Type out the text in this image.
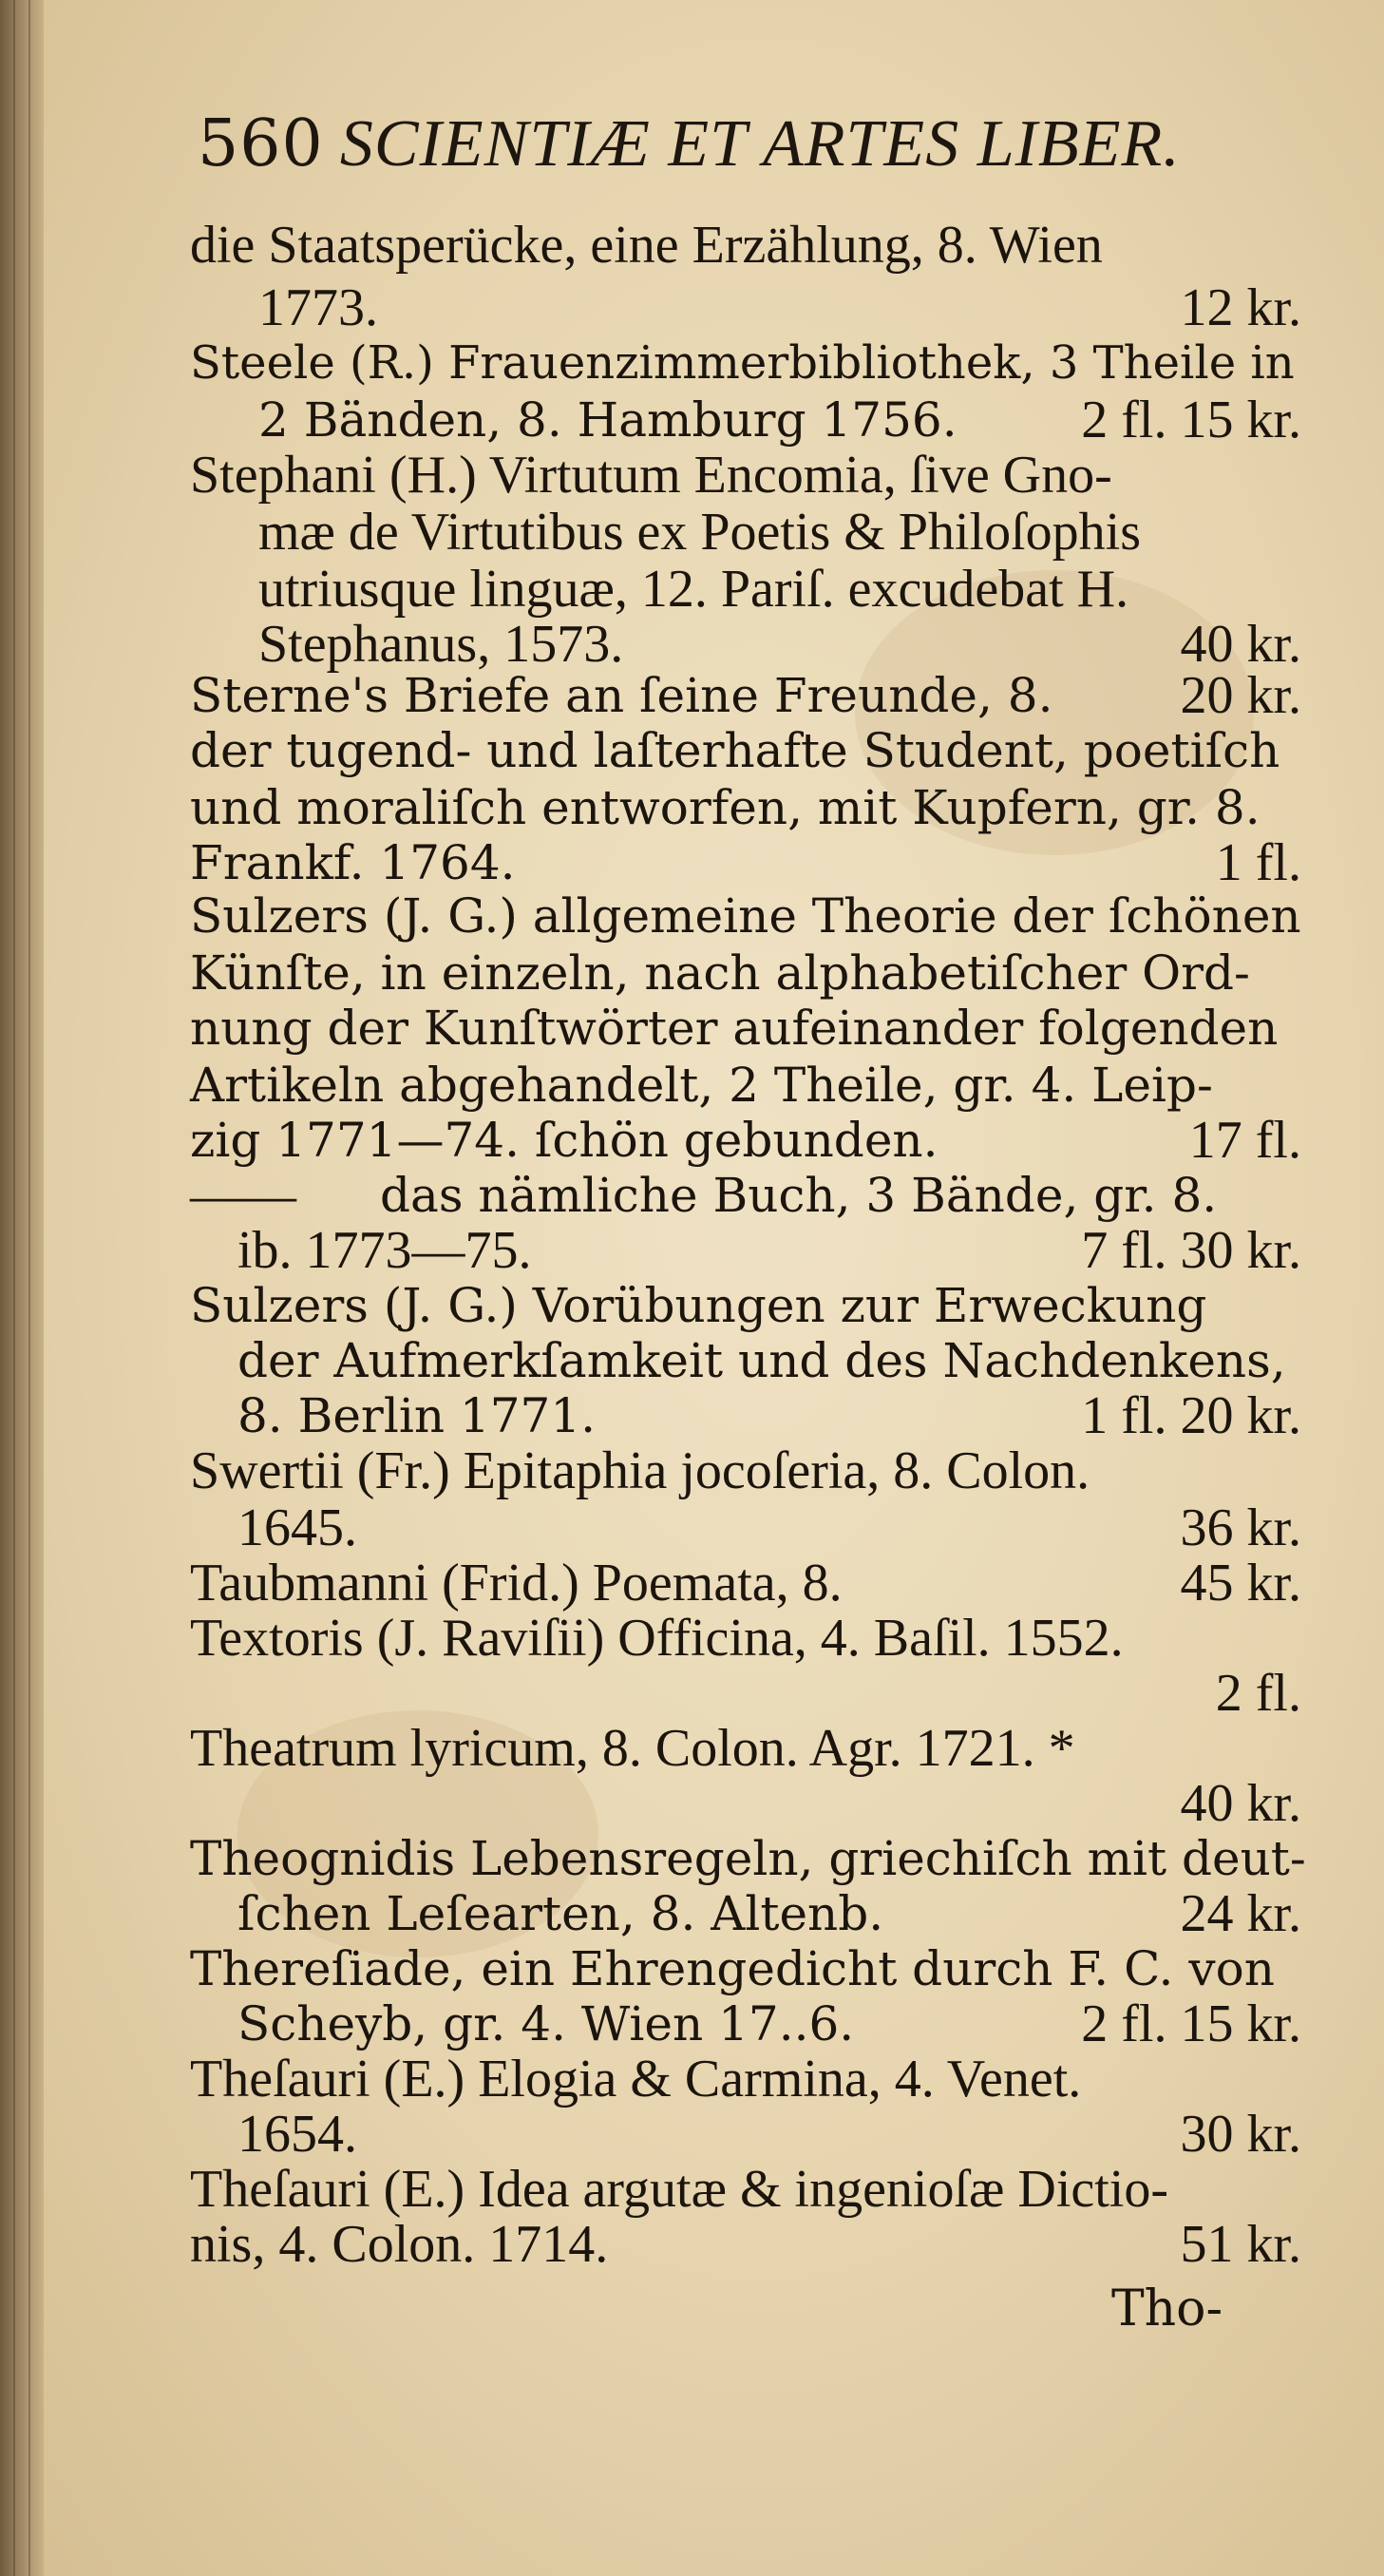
560 SCIENTIÆ ET ARTES LIBER.
die Staatsperücke, eine Erzählung, 8. Wien
1773.	12 kr.
Steele (R.) Frauenzimmerbibliothek, 3 Theile in
2 Bänden, 8. Hamburg 1756.	2 fl. 15 kr.
Stephani (H.) Virtutum Encomia, ſive Gno-
mæ de Virtutibus ex Poetis & Philoſophis
utriusque linguæ, 12. Pariſ. excudebat H.
Stephanus, 1573.	40 kr.
Sterne's Briefe an ſeine Freunde, 8.	20 kr.
der tugend- und laſterhafte Student, poetiſch
und moraliſch entworfen, mit Kupfern, gr. 8.
Frankf. 1764.	1 fl.
Sulzers (J. G.) allgemeine Theorie der ſchönen
Künſte, in einzeln, nach alphabetiſcher Ord-
nung der Kunſtwörter aufeinander folgenden
Artikeln abgehandelt, 2 Theile, gr. 4. Leip-
zig 1771—74. ſchön gebunden.	17 fl.
—— das nämliche Buch, 3 Bände, gr. 8.
ib. 1773—75.	7 fl. 30 kr.
Sulzers (J. G.) Vorübungen zur Erweckung
der Aufmerkſamkeit und des Nachdenkens,
8. Berlin 1771.	1 fl. 20 kr.
Swertii (Fr.) Epitaphia jocoſeria, 8. Colon.
1645.	36 kr.
Taubmanni (Frid.) Poemata, 8.	45 kr.
Textoris (J. Raviſii) Officina, 4. Baſil. 1552.
2 fl.
Theatrum lyricum, 8. Colon. Agr. 1721. *
40 kr.
Theognidis Lebensregeln, griechiſch mit deut-
ſchen Leſearten, 8. Altenb.	24 kr.
Thereſiade, ein Ehrengedicht durch F. C. von
Scheyb, gr. 4. Wien 17..6.	2 fl. 15 kr.
Theſauri (E.) Elogia & Carmina, 4. Venet.
1654.	30 kr.
Theſauri (E.) Idea argutæ & ingenioſæ Dictio-
nis, 4. Colon. 1714.	51 kr.
Tho-
